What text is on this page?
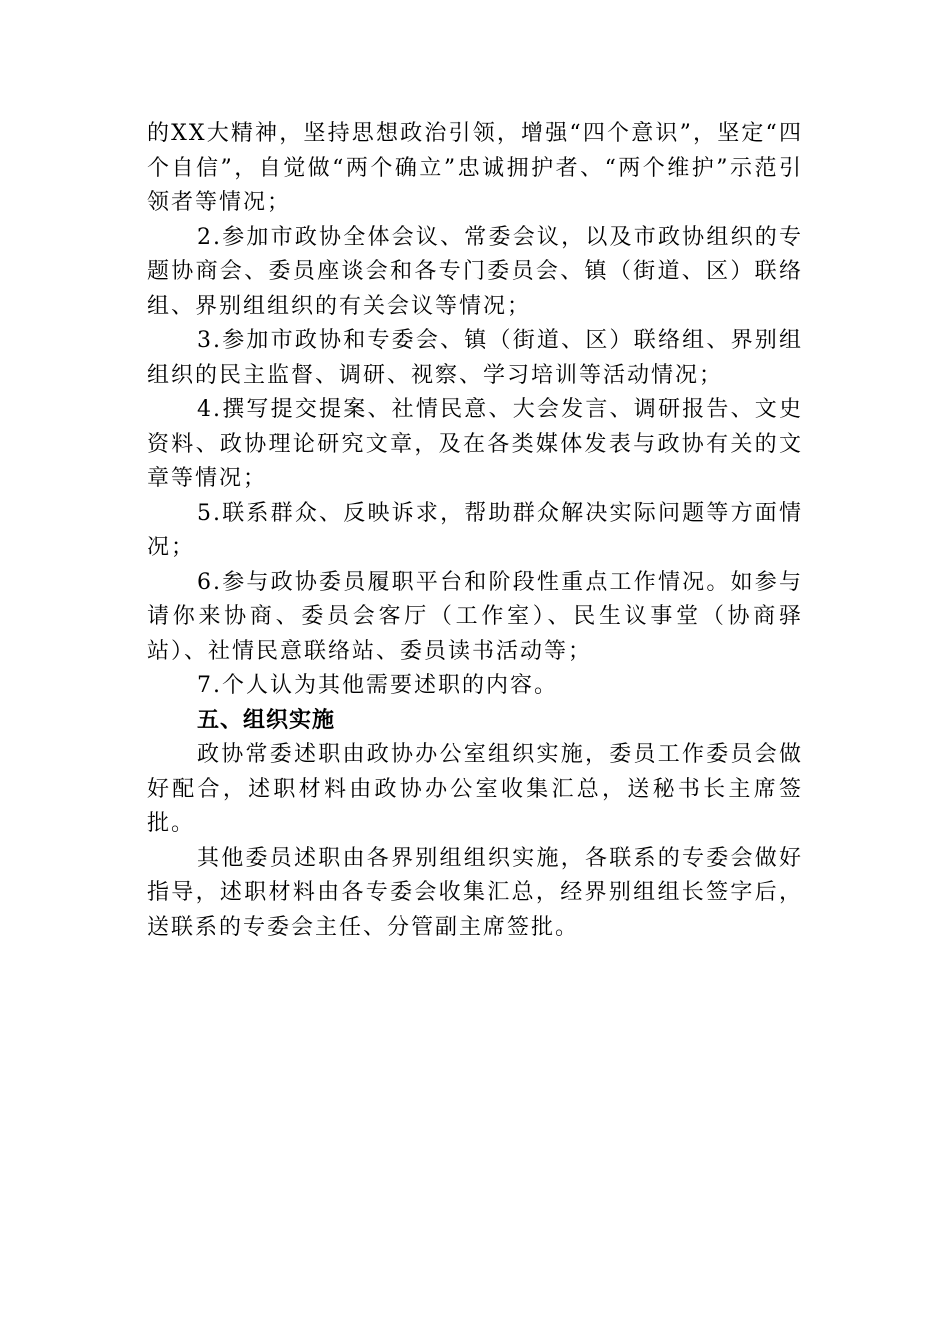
的XX大精神，坚持思想政治引领，增强“四个意识”，坚定“四个自信”，自觉做“两个确立”忠诚拥护者、“两个维护”示范引领者等情况；

2.参加市政协全体会议、常委会议，以及市政协组织的专题协商会、委员座谈会和各专门委员会、镇（街道、区）联络组、界别组组织的有关会议等情况；

3.参加市政协和专委会、镇（街道、区）联络组、界别组组织的民主监督、调研、视察、学习培训等活动情况；

4.撰写提交提案、社情民意、大会发言、调研报告、文史资料、政协理论研究文章，及在各类媒体发表与政协有关的文章等情况；

5.联系群众、反映诉求，帮助群众解决实际问题等方面情况；

6.参与政协委员履职平台和阶段性重点工作情况。如参与请你来协商、委员会客厅（工作室）、民生议事堂（协商驿站）、社情民意联络站、委员读书活动等；

7.个人认为其他需要述职的内容。

五、组织实施

政协常委述职由政协办公室组织实施，委员工作委员会做好配合，述职材料由政协办公室收集汇总，送秘书长主席签批。

其他委员述职由各界别组组织实施，各联系的专委会做好指导，述职材料由各专委会收集汇总，经界别组组长签字后，送联系的专委会主任、分管副主席签批。
